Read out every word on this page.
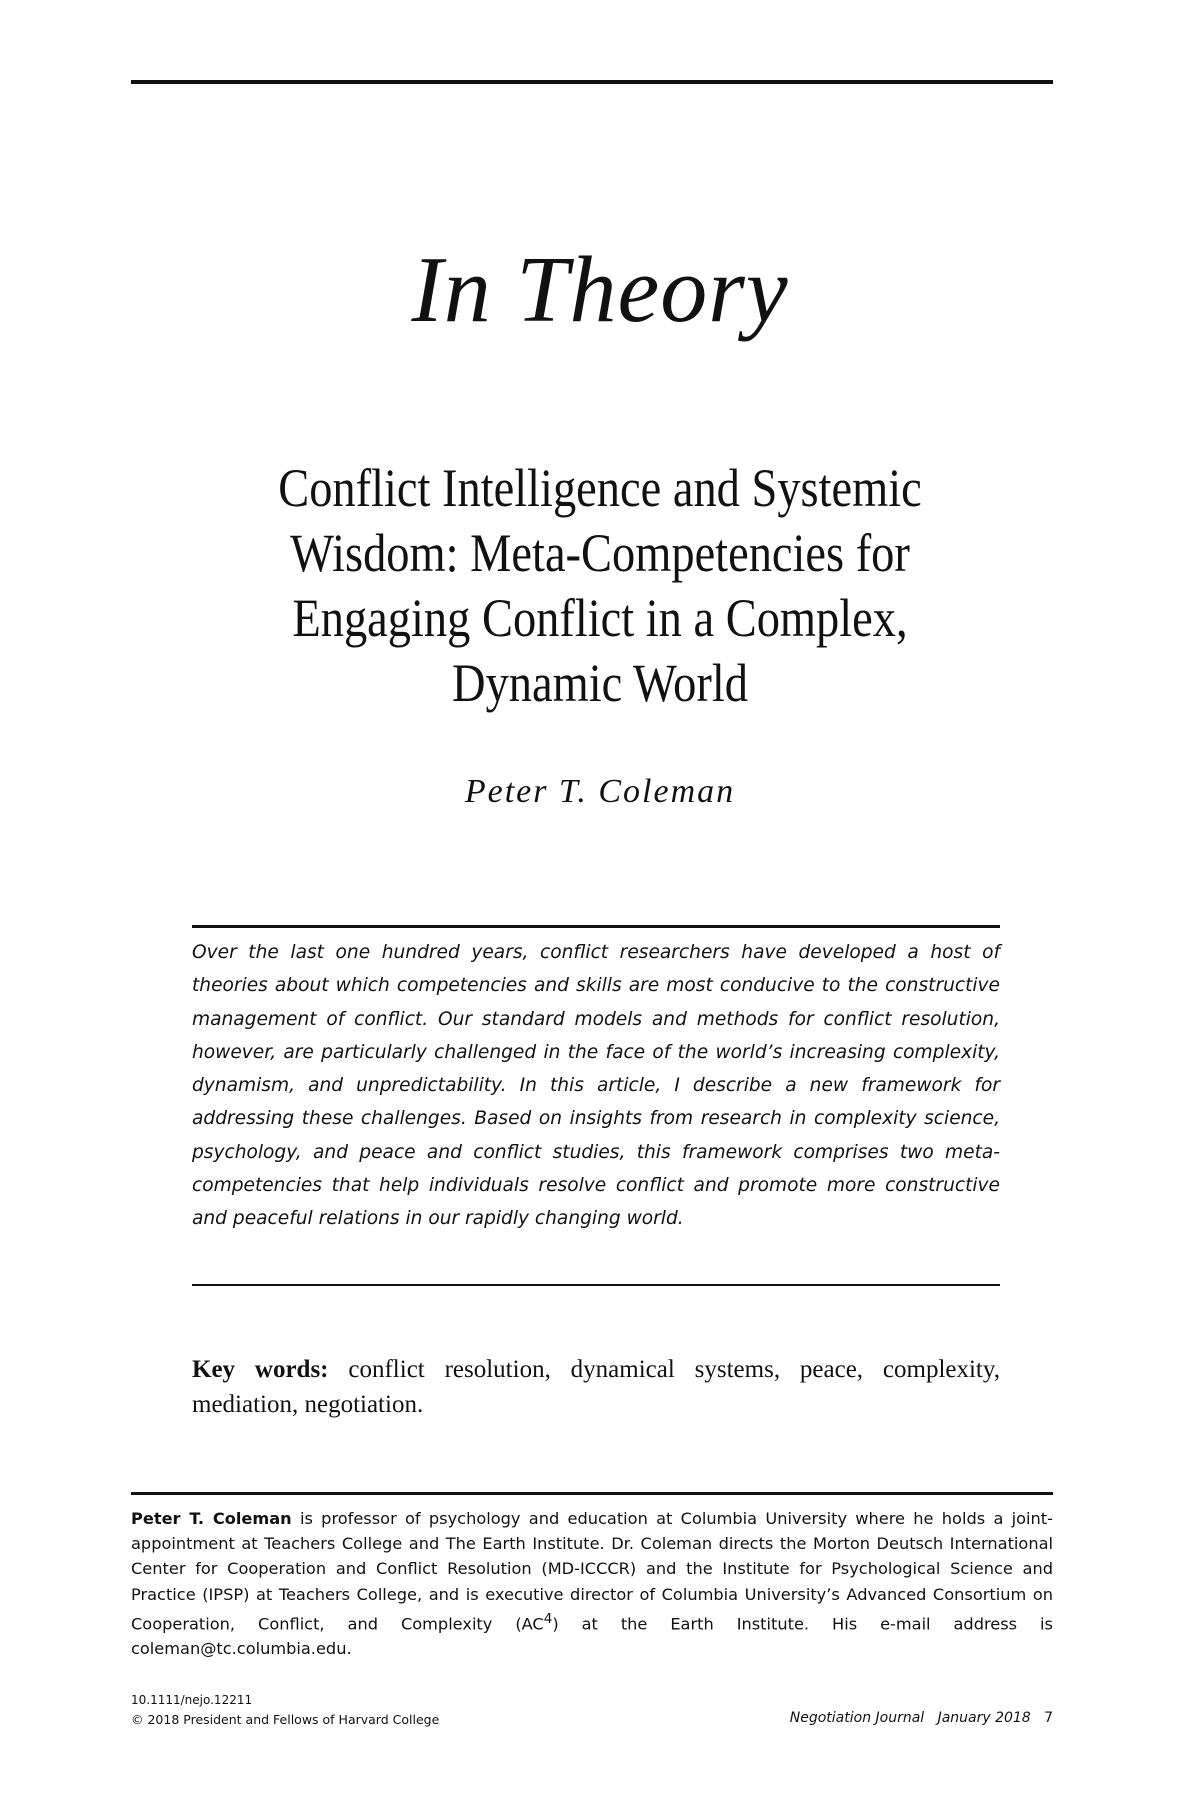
In Theory
Conflict Intelligence and Systemic
Wisdom: Meta-Competencies for
Engaging Conflict in a Complex,
Dynamic World
Peter T. Coleman
Over the last one hundred years, conflict researchers have developed a host of theories about which competencies and skills are most conducive to the constructive management of conflict. Our standard models and methods for conflict resolution, however, are particularly challenged in the face of the world’s increasing complexity, dynamism, and unpredictability. In this article, I describe a new framework for addressing these challenges. Based on insights from research in complexity science, psychology, and peace and conflict studies, this framework comprises two meta-competencies that help individuals resolve conflict and promote more constructive and peaceful relations in our rapidly changing world.
Key words: conflict resolution, dynamical systems, peace, complexity, mediation, negotiation.
Peter T. Coleman is professor of psychology and education at Columbia University where he holds a joint-appointment at Teachers College and The Earth Institute. Dr. Coleman directs the Morton Deutsch International Center for Cooperation and Conflict Resolution (MD-ICCCR) and the Institute for Psychological Science and Practice (IPSP) at Teachers College, and is executive director of Columbia University’s Advanced Consortium on Cooperation, Conflict, and Complexity $(AC^4)$ at the Earth Institute. His e-mail address is coleman@tc.columbia.edu.
10.1111/nejo.12211
© 2018 President and Fellows of Harvard College	Negotiation Journal January 2018 7
